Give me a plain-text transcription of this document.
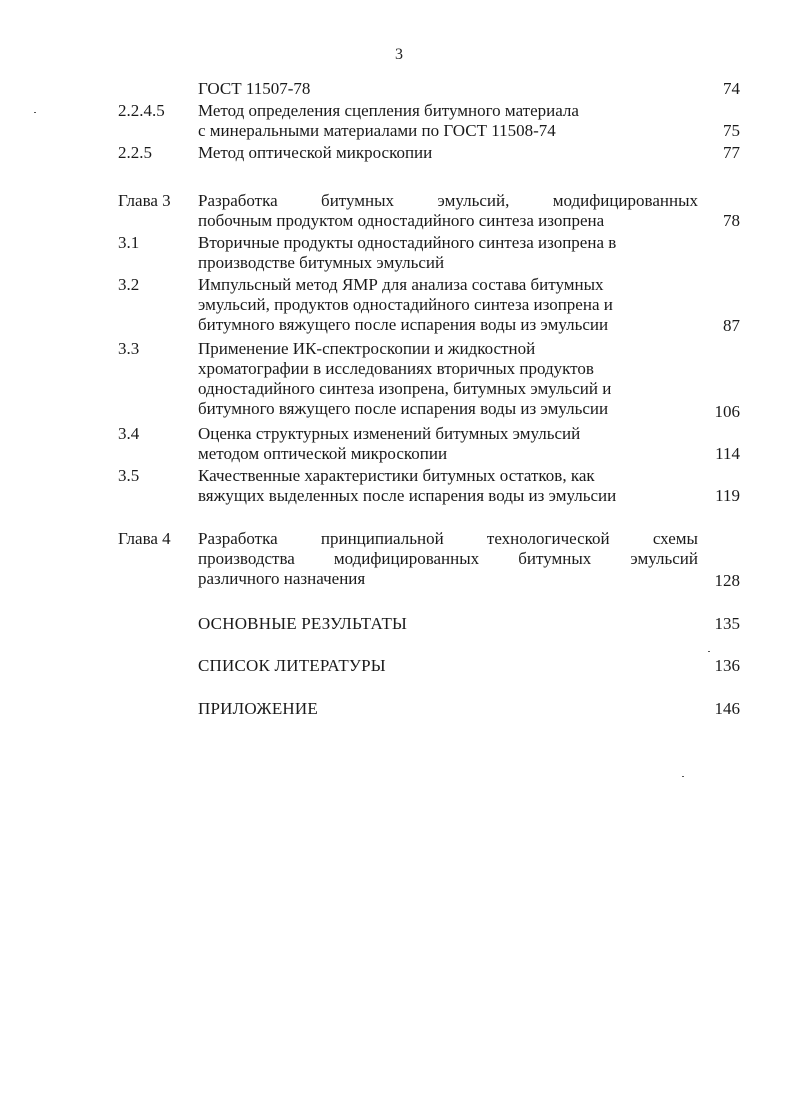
3
ГОСТ 11507-78	74
2.2.4.5 Метод определения сцепления битумного материала
с минеральными материалами по ГОСТ 11508-74	75
2.2.5	Метод оптической микроскопии	77
Глава 3 Разработка	битумных	эмульсий,	модифицированных
побочным продуктом одностадийного синтеза изопрена	78
3.1	Вторичные продукты одностадийного синтеза изопрена в
производстве битумных эмульсий
3.2	Импульсный метод ЯМР для анализа состава битумных
эмульсий, продуктов одностадийного синтеза изопрена и
битумного вяжущего после испарения воды из эмульсии	87
3.3	Применение ИК-спектроскопии и жидкостной
хроматографии в исследованиях вторичных продуктов
одностадийного синтеза изопрена, битумных эмульсий и
битумного вяжущего после испарения воды из эмульсии	106
3.4	Оценка структурных изменений битумных эмульсий
методом оптической микроскопии	114
3.5	Качественные характеристики битумных остатков, как
вяжущих выделенных после испарения воды из эмульсии	119
Глава 4 Разработка	принципиальной	технологической	схемы
производства модифицированных битумных эмульсий
различного назначения	128
ОСНОВНЫЕ РЕЗУЛЬТАТЫ	135
СПИСОК ЛИТЕРАТУРЫ	136
ПРИЛОЖЕНИЕ	146
